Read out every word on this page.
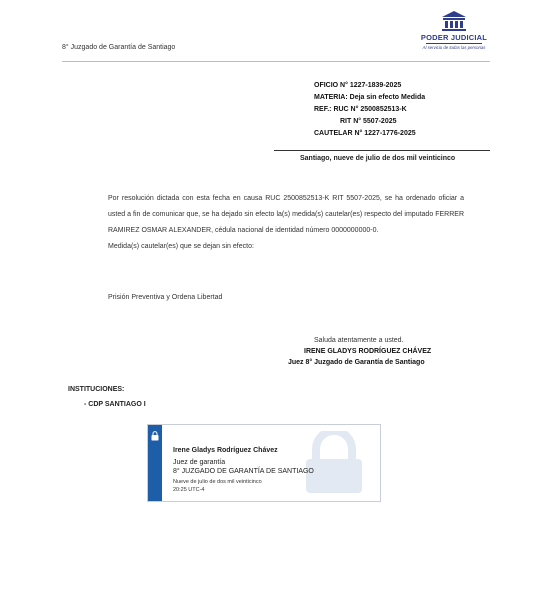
8° Juzgado de Garantía de Santiago
PODER JUDICIAL
Al servicio de todas las personas
OFICIO N° 1227-1839-2025
MATERIA: Deja sin efecto Medida
REF.: RUC N° 2500852513-K
RIT N° 5507-2025
CAUTELAR N° 1227-1776-2025
Santiago, nueve de julio de dos mil veinticinco

Por resolución dictada con esta fecha en causa RUC 2500852513-K RIT 5507-2025, se ha ordenado oficiar a usted a fin de comunicar que, se ha dejado sin efecto la(s) medida(s) cautelar(es) respecto del imputado FERRER RAMIREZ OSMAR ALEXANDER, cédula nacional de identidad número 0000000000-0.

Medida(s) cautelar(es) que se dejan sin efecto:

Prisión Preventiva y Ordena Libertad
Saluda atentamente a usted.
IRENE GLADYS RODRÍGUEZ CHÁVEZ
Juez 8° Juzgado de Garantía de Santiago
INSTITUCIONES:
- CDP SANTIAGO I
Irene Gladys Rodríguez Chávez
Juez de garantía
8° JUZGADO DE GARANTÍA DE SANTIAGO
Nueve de julio de dos mil veinticinco
20:25 UTC-4
